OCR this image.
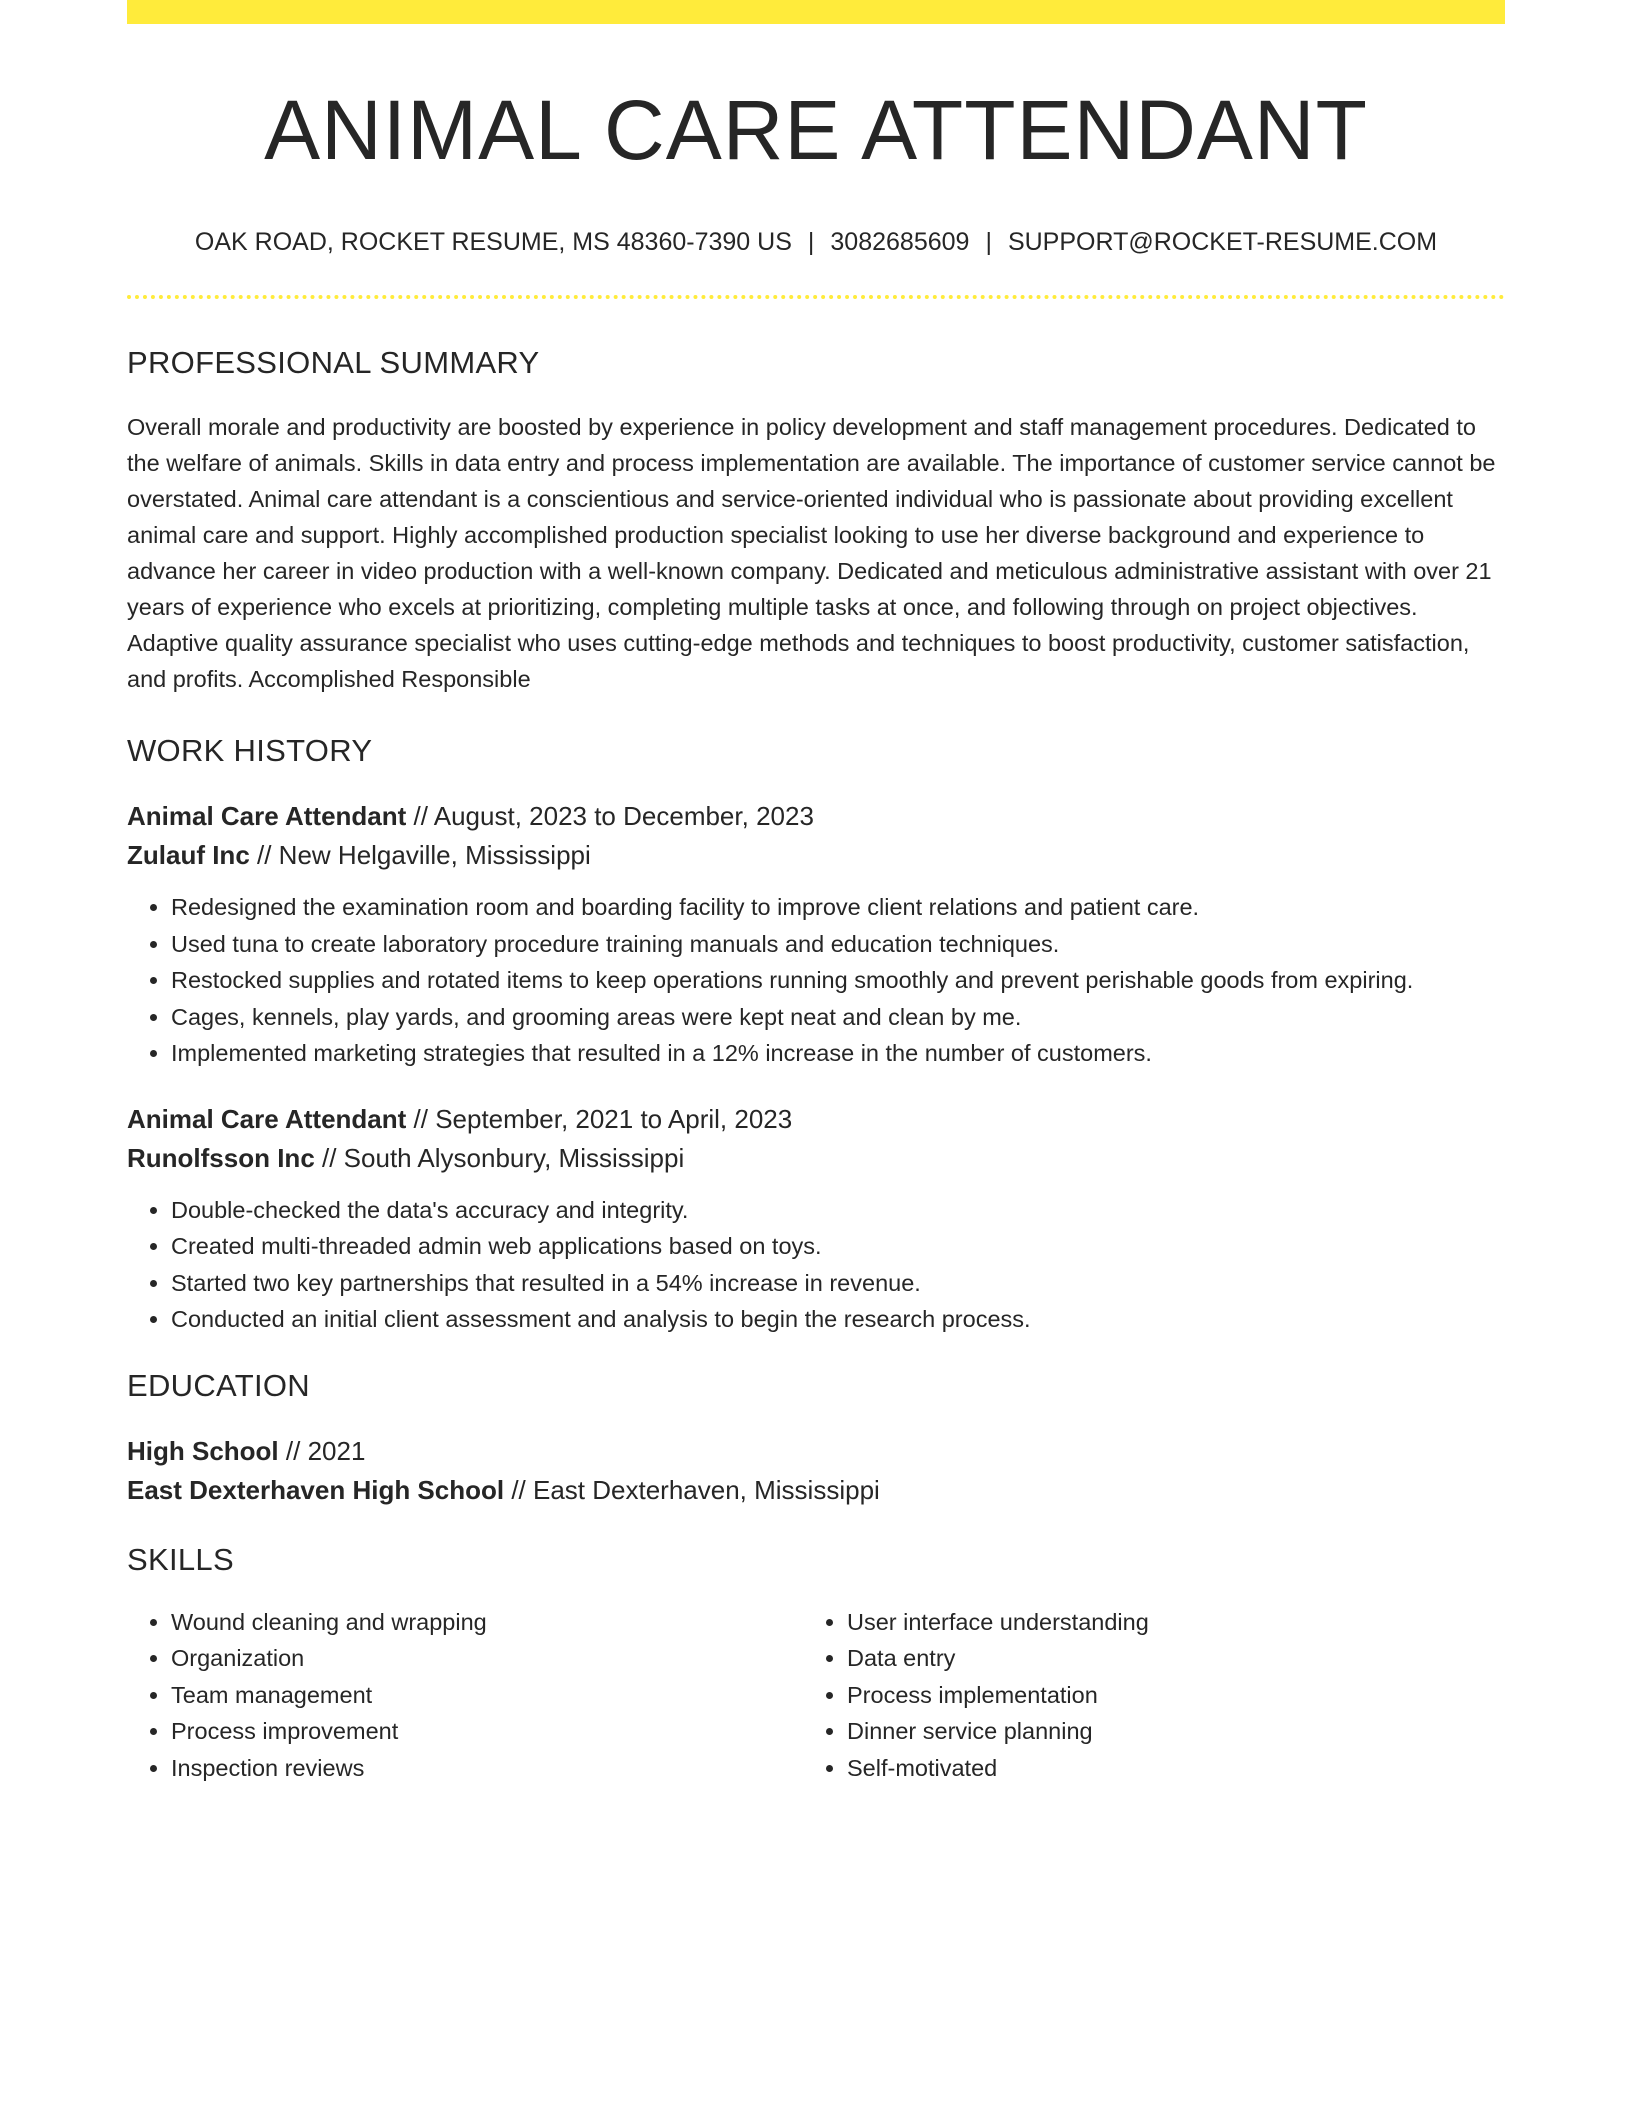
ANIMAL CARE ATTENDANT
OAK ROAD, ROCKET RESUME, MS 48360-7390 US | 3082685609 | SUPPORT@ROCKET-RESUME.COM
PROFESSIONAL SUMMARY
Overall morale and productivity are boosted by experience in policy development and staff management procedures. Dedicated to the welfare of animals. Skills in data entry and process implementation are available. The importance of customer service cannot be overstated. Animal care attendant is a conscientious and service-oriented individual who is passionate about providing excellent animal care and support. Highly accomplished production specialist looking to use her diverse background and experience to advance her career in video production with a well-known company. Dedicated and meticulous administrative assistant with over 21 years of experience who excels at prioritizing, completing multiple tasks at once, and following through on project objectives. Adaptive quality assurance specialist who uses cutting-edge methods and techniques to boost productivity, customer satisfaction, and profits. Accomplished Responsible
WORK HISTORY
Animal Care Attendant // August, 2023 to December, 2023
Zulauf Inc // New Helgaville, Mississippi
• Redesigned the examination room and boarding facility to improve client relations and patient care.
• Used tuna to create laboratory procedure training manuals and education techniques.
• Restocked supplies and rotated items to keep operations running smoothly and prevent perishable goods from expiring.
• Cages, kennels, play yards, and grooming areas were kept neat and clean by me.
• Implemented marketing strategies that resulted in a 12% increase in the number of customers.
Animal Care Attendant // September, 2021 to April, 2023
Runolfsson Inc // South Alysonbury, Mississippi
• Double-checked the data's accuracy and integrity.
• Created multi-threaded admin web applications based on toys.
• Started two key partnerships that resulted in a 54% increase in revenue.
• Conducted an initial client assessment and analysis to begin the research process.
EDUCATION
High School // 2021
East Dexterhaven High School // East Dexterhaven, Mississippi
SKILLS
• Wound cleaning and wrapping
• Organization
• Team management
• Process improvement
• Inspection reviews
• User interface understanding
• Data entry
• Process implementation
• Dinner service planning
• Self-motivated
